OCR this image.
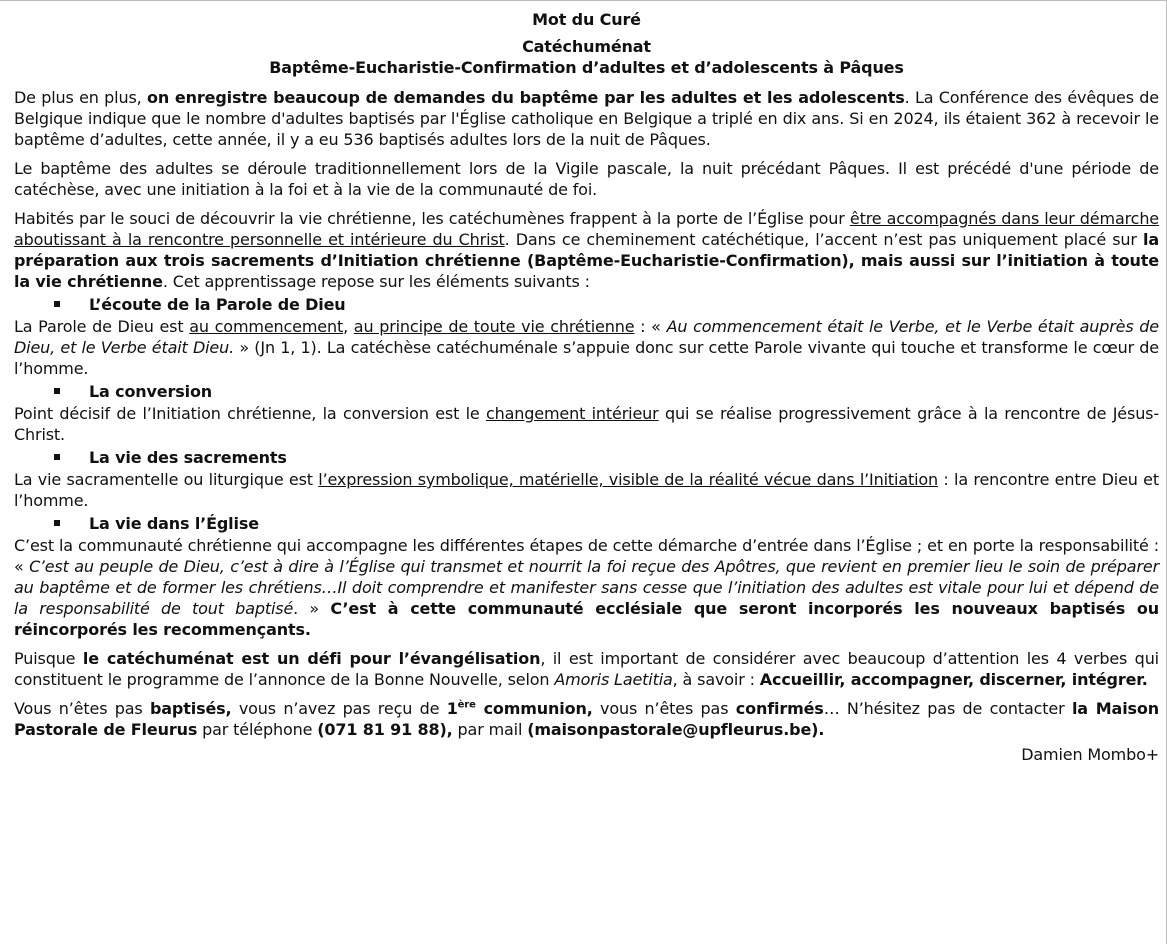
Mot du Curé
Catéchuménat
Baptême-Eucharistie-Confirmation d’adultes et d’adolescents à Pâques

De plus en plus, on enregistre beaucoup de demandes du baptême par les adultes et les adolescents. La Conférence des évêques de Belgique indique que le nombre d'adultes baptisés par l'Église catholique en Belgique a triplé en dix ans. Si en 2024, ils étaient 362 à recevoir le baptême d’adultes, cette année, il y a eu 536 baptisés adultes lors de la nuit de Pâques.

Le baptême des adultes se déroule traditionnellement lors de la Vigile pascale, la nuit précédant Pâques. Il est précédé d'une période de catéchèse, avec une initiation à la foi et à la vie de la communauté de foi.

Habités par le souci de découvrir la vie chrétienne, les catéchumènes frappent à la porte de l’Église pour être accompagnés dans leur démarche aboutissant à la rencontre personnelle et intérieure du Christ. Dans ce cheminement catéchétique, l’accent n’est pas uniquement placé sur la préparation aux trois sacrements d’Initiation chrétienne (Baptême-Eucharistie-Confirmation), mais aussi sur l’initiation à toute la vie chrétienne. Cet apprentissage repose sur les éléments suivants :

L’écoute de la Parole de Dieu

La Parole de Dieu est au commencement, au principe de toute vie chrétienne : « Au commencement était le Verbe, et le Verbe était auprès de Dieu, et le Verbe était Dieu. » (Jn 1, 1). La catéchèse catéchuménale s’appuie donc sur cette Parole vivante qui touche et transforme le cœur de l’homme.

La conversion

Point décisif de l’Initiation chrétienne, la conversion est le changement intérieur qui se réalise progressivement grâce à la rencontre de Jésus-Christ.

La vie des sacrements

La vie sacramentelle ou liturgique est l’expression symbolique, matérielle, visible de la réalité vécue dans l’Initiation : la rencontre entre Dieu et l’homme.

La vie dans l’Église

C’est la communauté chrétienne qui accompagne les différentes étapes de cette démarche d’entrée dans l’Église ; et en porte la responsabilité : « C’est au peuple de Dieu, c’est à dire à l’Église qui transmet et nourrit la foi reçue des Apôtres, que revient en premier lieu le soin de préparer au baptême et de former les chrétiens…Il doit comprendre et manifester sans cesse que l’initiation des adultes est vitale pour lui et dépend de la responsabilité de tout baptisé. » C’est à cette communauté ecclésiale que seront incorporés les nouveaux baptisés ou réincorporés les recommençants.

Puisque le catéchuménat est un défi pour l’évangélisation, il est important de considérer avec beaucoup d’attention les 4 verbes qui constituent le programme de l’annonce de la Bonne Nouvelle, selon Amoris Laetitia, à savoir : Accueillir, accompagner, discerner, intégrer.

Vous n’êtes pas baptisés, vous n’avez pas reçu de 1ère communion, vous n’êtes pas confirmés… N’hésitez pas de contacter la Maison Pastorale de Fleurus par téléphone (071 81 91 88), par mail (maisonpastorale@upfleurus.be).

Damien Mombo+
